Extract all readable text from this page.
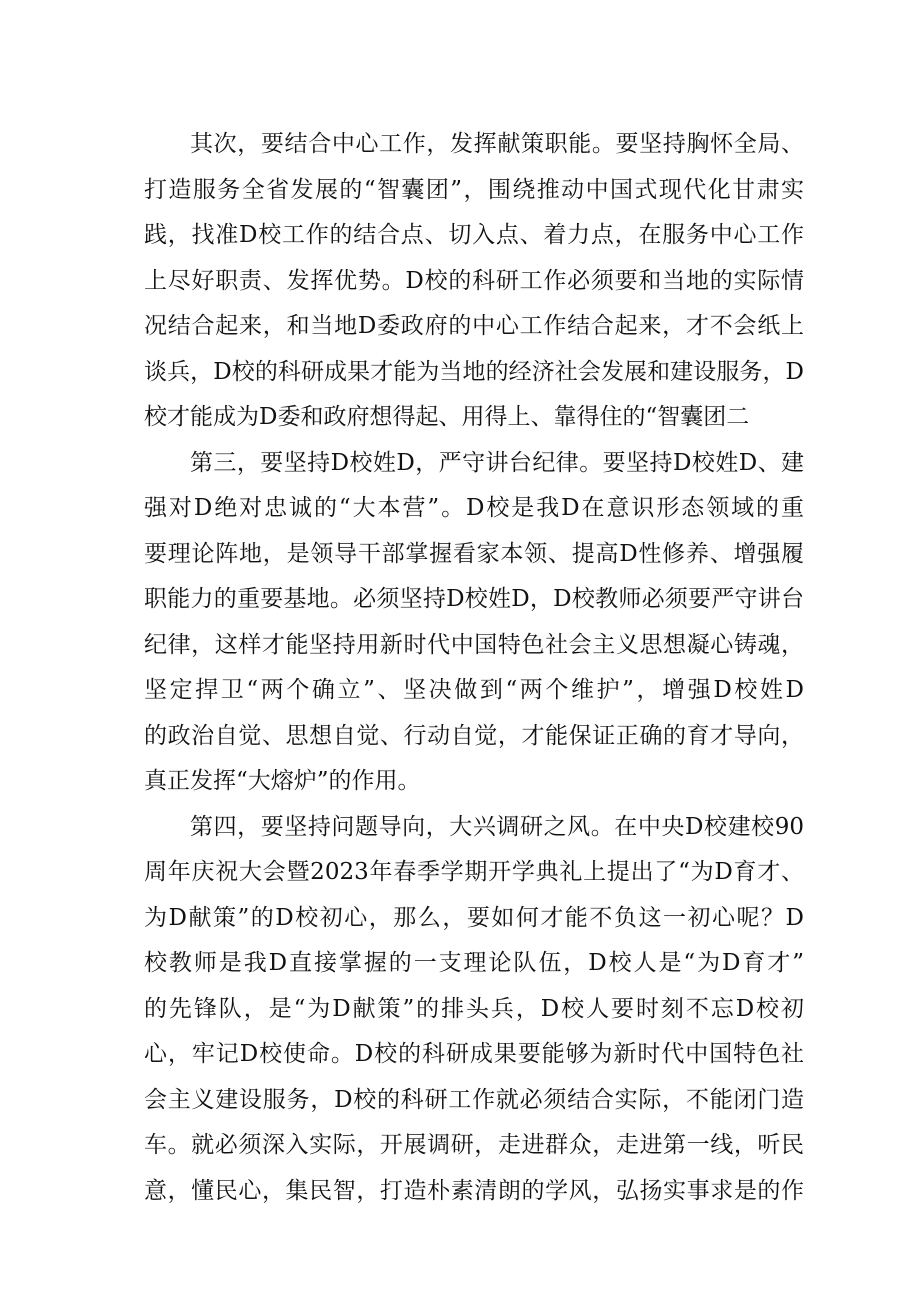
其次，要结合中心工作，发挥献策职能。要坚持胸怀全局、
打造服务全省发展的“智囊团”，围绕推动中国式现代化甘肃实
践，找准D校工作的结合点、切入点、着力点，在服务中心工作
上尽好职责、发挥优势。D校的科研工作必须要和当地的实际情
况结合起来，和当地D委政府的中心工作结合起来，才不会纸上
谈兵，D校的科研成果才能为当地的经济社会发展和建设服务，D
校才能成为D委和政府想得起、用得上、靠得住的“智囊团二
第三，要坚持D校姓D，严守讲台纪律。要坚持D校姓D、建
强对D绝对忠诚的“大本营”。D校是我D在意识形态领域的重
要理论阵地，是领导干部掌握看家本领、提高D性修养、增强履
职能力的重要基地。必须坚持D校姓D，D校教师必须要严守讲台
纪律，这样才能坚持用新时代中国特色社会主义思想凝心铸魂，
坚定捍卫“两个确立”、坚决做到“两个维护”，增强D校姓D
的政治自觉、思想自觉、行动自觉，才能保证正确的育才导向，
真正发挥“大熔炉”的作用。
第四，要坚持问题导向，大兴调研之风。在中央D校建校90
周年庆祝大会暨2023年春季学期开学典礼上提出了“为D育才、
为D献策”的D校初心，那么，要如何才能不负这一初心呢？D
校教师是我D直接掌握的一支理论队伍，D校人是“为D育才”
的先锋队，是“为D献策”的排头兵，D校人要时刻不忘D校初
心，牢记D校使命。D校的科研成果要能够为新时代中国特色社
会主义建设服务，D校的科研工作就必须结合实际，不能闭门造
车。就必须深入实际，开展调研，走进群众，走进第一线，听民
意，懂民心，集民智，打造朴素清朗的学风，弘扬实事求是的作
